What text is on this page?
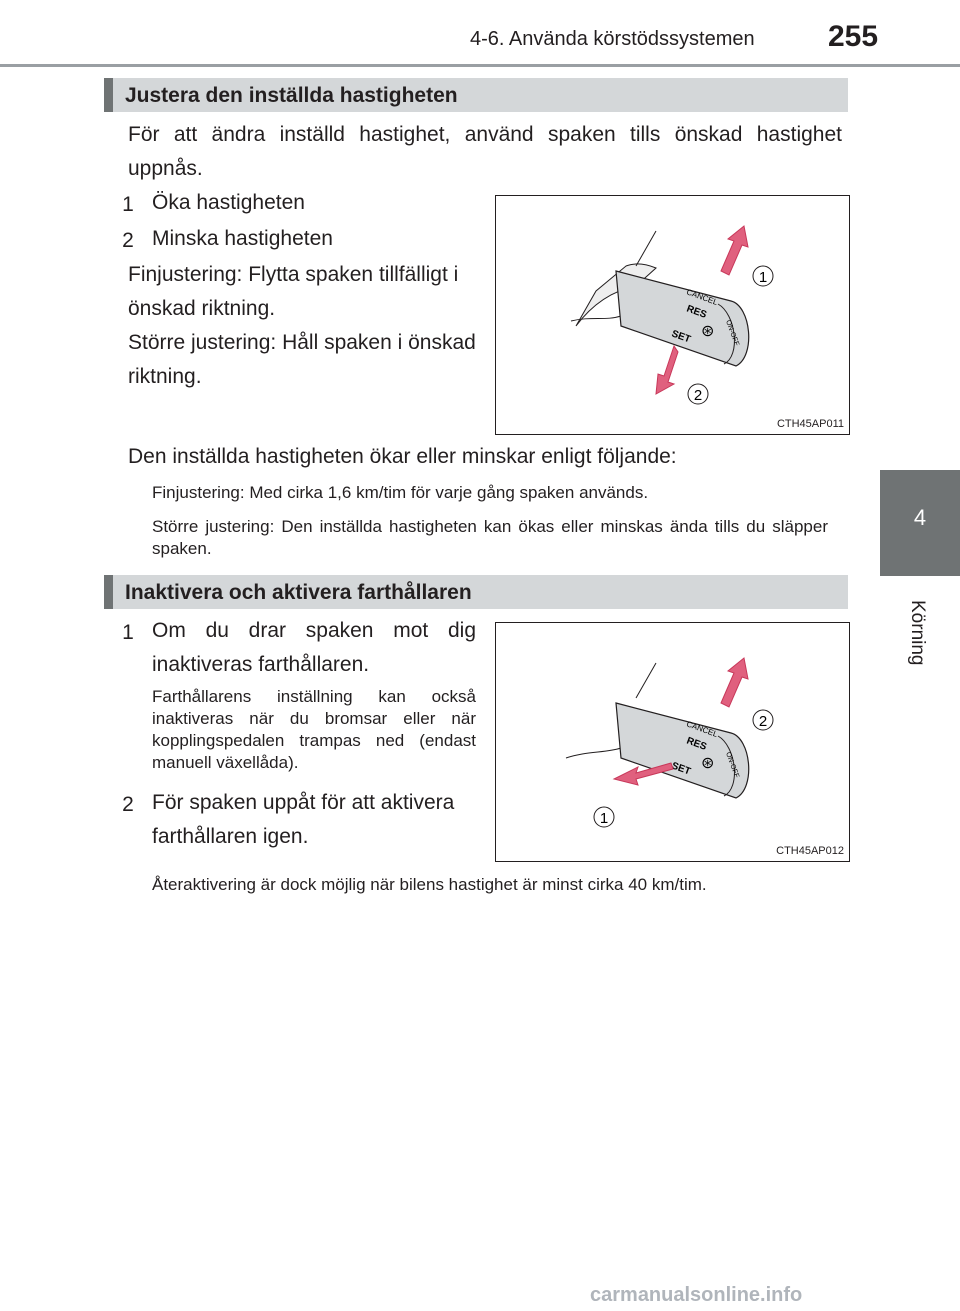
4-6. Använda körstödssystemen 255
4
Körning
Justera den inställda hastigheten
För att ändra inställd hastighet, använd spaken tills önskad hastighet uppnås.
1 Öka hastigheten
2 Minska hastigheten
Finjustering: Flytta spaken tillfälligt i önskad riktning.
Större justering: Håll spaken i önskad riktning.
CANCEL
RES
SET	ON-OFF
⊛
1
2
CTH45AP011
Den inställda hastigheten ökar eller minskar enligt följande:
Finjustering: Med cirka 1,6 km/tim för varje gång spaken används.
Större justering: Den inställda hastigheten kan ökas eller minskas ända tills du släpper spaken.
Inaktivera och aktivera farthållaren
1 Om du drar spaken mot dig inaktiveras farthållaren.
Farthållarens inställning kan också inaktiveras när du bromsar eller när kopplingspedalen trampas ned (endast manuell växellåda).
2 För spaken uppåt för att aktivera farthållaren igen.
CANCEL
RES
SET	ON-OFF
⊛
2
1
CTH45AP012
Återaktivering är dock möjlig när bilens hastighet är minst cirka 40 km/tim.
carmanualsonline.info
